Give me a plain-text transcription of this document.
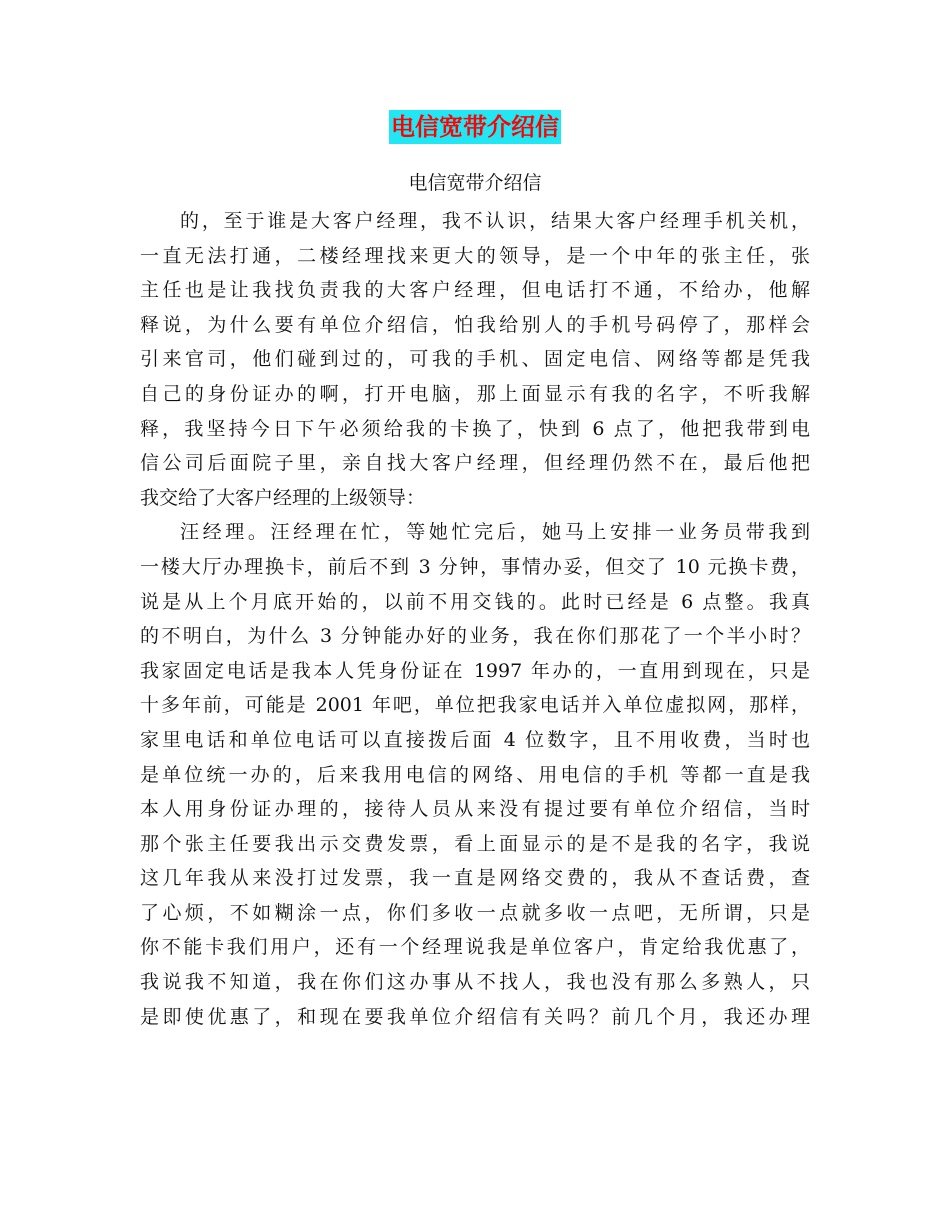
电信宽带介绍信
电信宽带介绍信
的，至于谁是大客户经理，我不认识，结果大客户经理手机关机，
一直无法打通，二楼经理找来更大的领导，是一个中年的张主任，张
主任也是让我找负责我的大客户经理，但电话打不通，不给办，他解
释说，为什么要有单位介绍信，怕我给别人的手机号码停了，那样会
引来官司，他们碰到过的，可我的手机、固定电信、网络等都是凭我
自己的身份证办的啊，打开电脑，那上面显示有我的名字，不听我解
释，我坚持今日下午必须给我的卡换了，快到 6 点了，他把我带到电
信公司后面院子里，亲自找大客户经理，但经理仍然不在，最后他把
我交给了大客户经理的上级领导：
汪经理。汪经理在忙，等她忙完后，她马上安排一业务员带我到
一楼大厅办理换卡，前后不到 3 分钟，事情办妥，但交了 10 元换卡费，
说是从上个月底开始的，以前不用交钱的。此时已经是 6 点整。我真
的不明白，为什么 3 分钟能办好的业务，我在你们那花了一个半小时？
我家固定电话是我本人凭身份证在 1997 年办的，一直用到现在，只是
十多年前，可能是 2001 年吧，单位把我家电话并入单位虚拟网，那样，
家里电话和单位电话可以直接拨后面 4 位数字，且不用收费，当时也
是单位统一办的，后来我用电信的网络、用电信的手机 等都一直是我
本人用身份证办理的，接待人员从来没有提过要有单位介绍信，当时
那个张主任要我出示交费发票，看上面显示的是不是我的名字，我说
这几年我从来没打过发票，我一直是网络交费的，我从不查话费，查
了心烦，不如糊涂一点，你们多收一点就多收一点吧，无所谓，只是
你不能卡我们用户，还有一个经理说我是单位客户，肯定给我优惠了，
我说我不知道，我在你们这办事从不找人，我也没有那么多熟人，只
是即使优惠了，和现在要我单位介绍信有关吗？前几个月，我还办理
